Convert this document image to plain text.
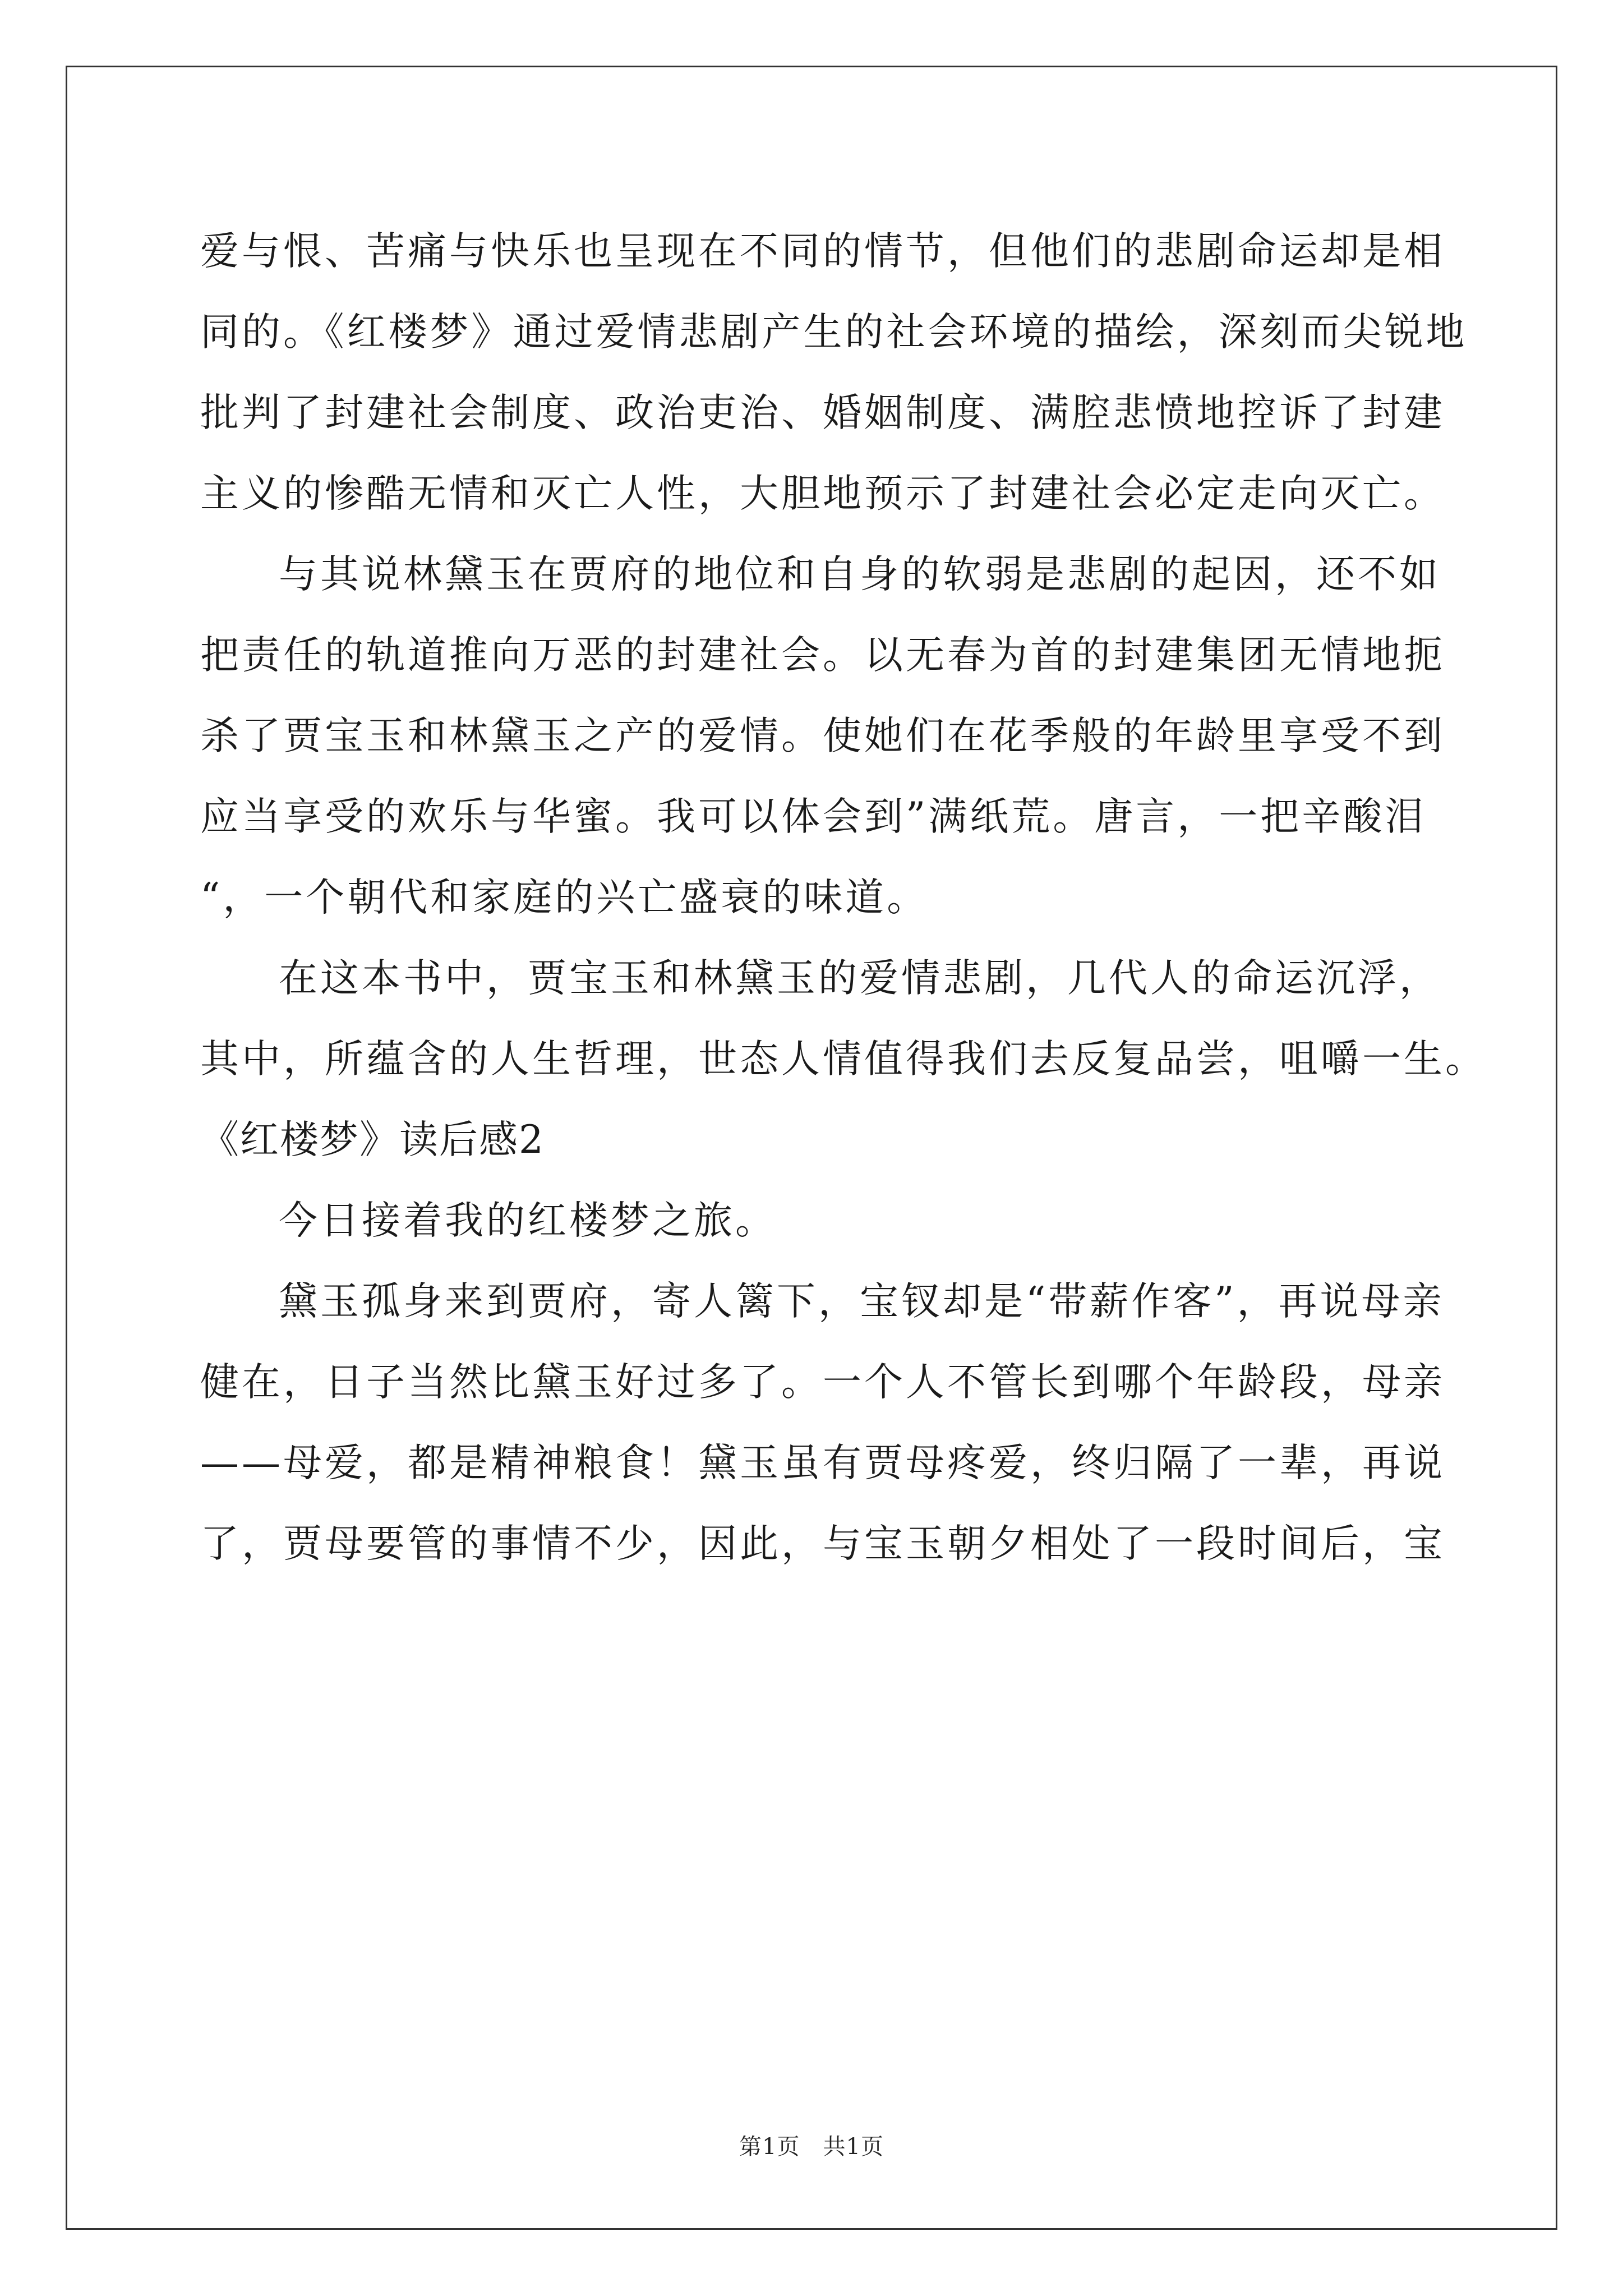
爱与恨、苦痛与快乐也呈现在不同的情节，但他们的悲剧命运却是相
同的。《红楼梦》通过爱情悲剧产生的社会环境的描绘，深刻而尖锐地
批判了封建社会制度、政治吏治、婚姻制度、满腔悲愤地控诉了封建
主义的惨酷无情和灭亡人性，大胆地预示了封建社会必定走向灭亡。
与其说林黛玉在贾府的地位和自身的软弱是悲剧的起因，还不如
把责任的轨道推向万恶的封建社会。以无春为首的封建集团无情地扼
杀了贾宝玉和林黛玉之产的爱情。使她们在花季般的年龄里享受不到
应当享受的欢乐与华蜜。我可以体会到”满纸荒。唐言，一把辛酸泪
“，一个朝代和家庭的兴亡盛衰的味道。
在这本书中，贾宝玉和林黛玉的爱情悲剧，几代人的命运沉浮，
其中，所蕴含的人生哲理，世态人情值得我们去反复品尝，咀嚼一生。
《红楼梦》读后感2
今日接着我的红楼梦之旅。
黛玉孤身来到贾府，寄人篱下，宝钗却是“带薪作客”，再说母亲
健在，日子当然比黛玉好过多了。一个人不管长到哪个年龄段，母亲
——母爱，都是精神粮食！黛玉虽有贾母疼爱，终归隔了一辈，再说
了，贾母要管的事情不少，因此，与宝玉朝夕相处了一段时间后，宝
第1页　共1页
